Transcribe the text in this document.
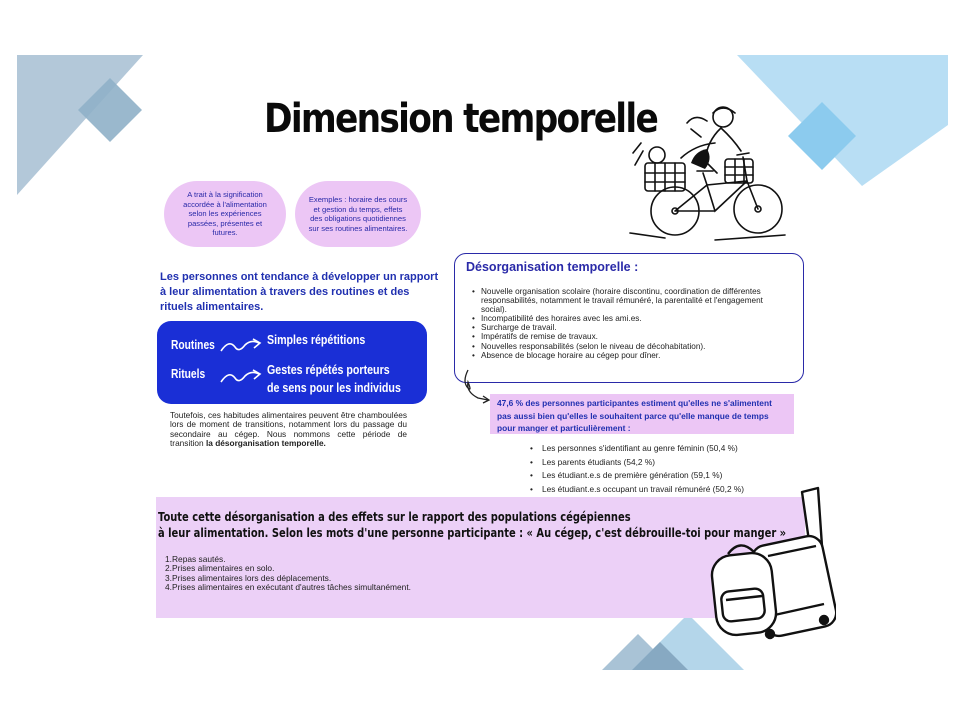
Dimension temporelle
A trait à la signification accordée à l'alimentation selon les expériences passées, présentes et futures.
Exemples : horaire des cours et gestion du temps, effets des obligations quotidiennes sur ses routines alimentaires.
Les personnes ont tendance à développer un rapport à leur alimentation à travers des routines et des rituels alimentaires.
Routines	Simples répétitions
Rituels	Gestes répétés porteurs
de sens pour les individus
Toutefois, ces habitudes alimentaires peuvent être chamboulées lors de moment de transitions, notamment lors du passage du secondaire au cégep. Nous nommons cette période de transition la désorganisation temporelle.
Désorganisation temporelle :
• Nouvelle organisation scolaire (horaire discontinu, coordination de différentes responsabilités, notamment le travail rémunéré, la parentalité et l'engagement social).
• Incompatibilité des horaires avec les ami.es.
• Surcharge de travail.
• Impératifs de remise de travaux.
• Nouvelles responsabilités (selon le niveau de décohabitation).
• Absence de blocage horaire au cégep pour dîner.
47,6 % des personnes participantes estiment qu'elles ne s'alimentent pas aussi bien qu'elles le souhaitent parce qu'elle manque de temps pour manger et particulièrement :
• Les personnes s'identifiant au genre féminin (50,4 %)
• Les parents étudiants (54,2 %)
• Les étudiant.e.s de première génération (59,1 %)
• Les étudiant.e.s occupant un travail rémunéré (50,2 %)
Toute cette désorganisation a des effets sur le rapport des populations cégépiennes
à leur alimentation. Selon les mots d'une personne participante : « Au cégep, c'est débrouille-toi pour manger »
1.Repas sautés.
2.Prises alimentaires en solo.
3.Prises alimentaires lors des déplacements.
4.Prises alimentaires en exécutant d'autres tâches simultanément.
